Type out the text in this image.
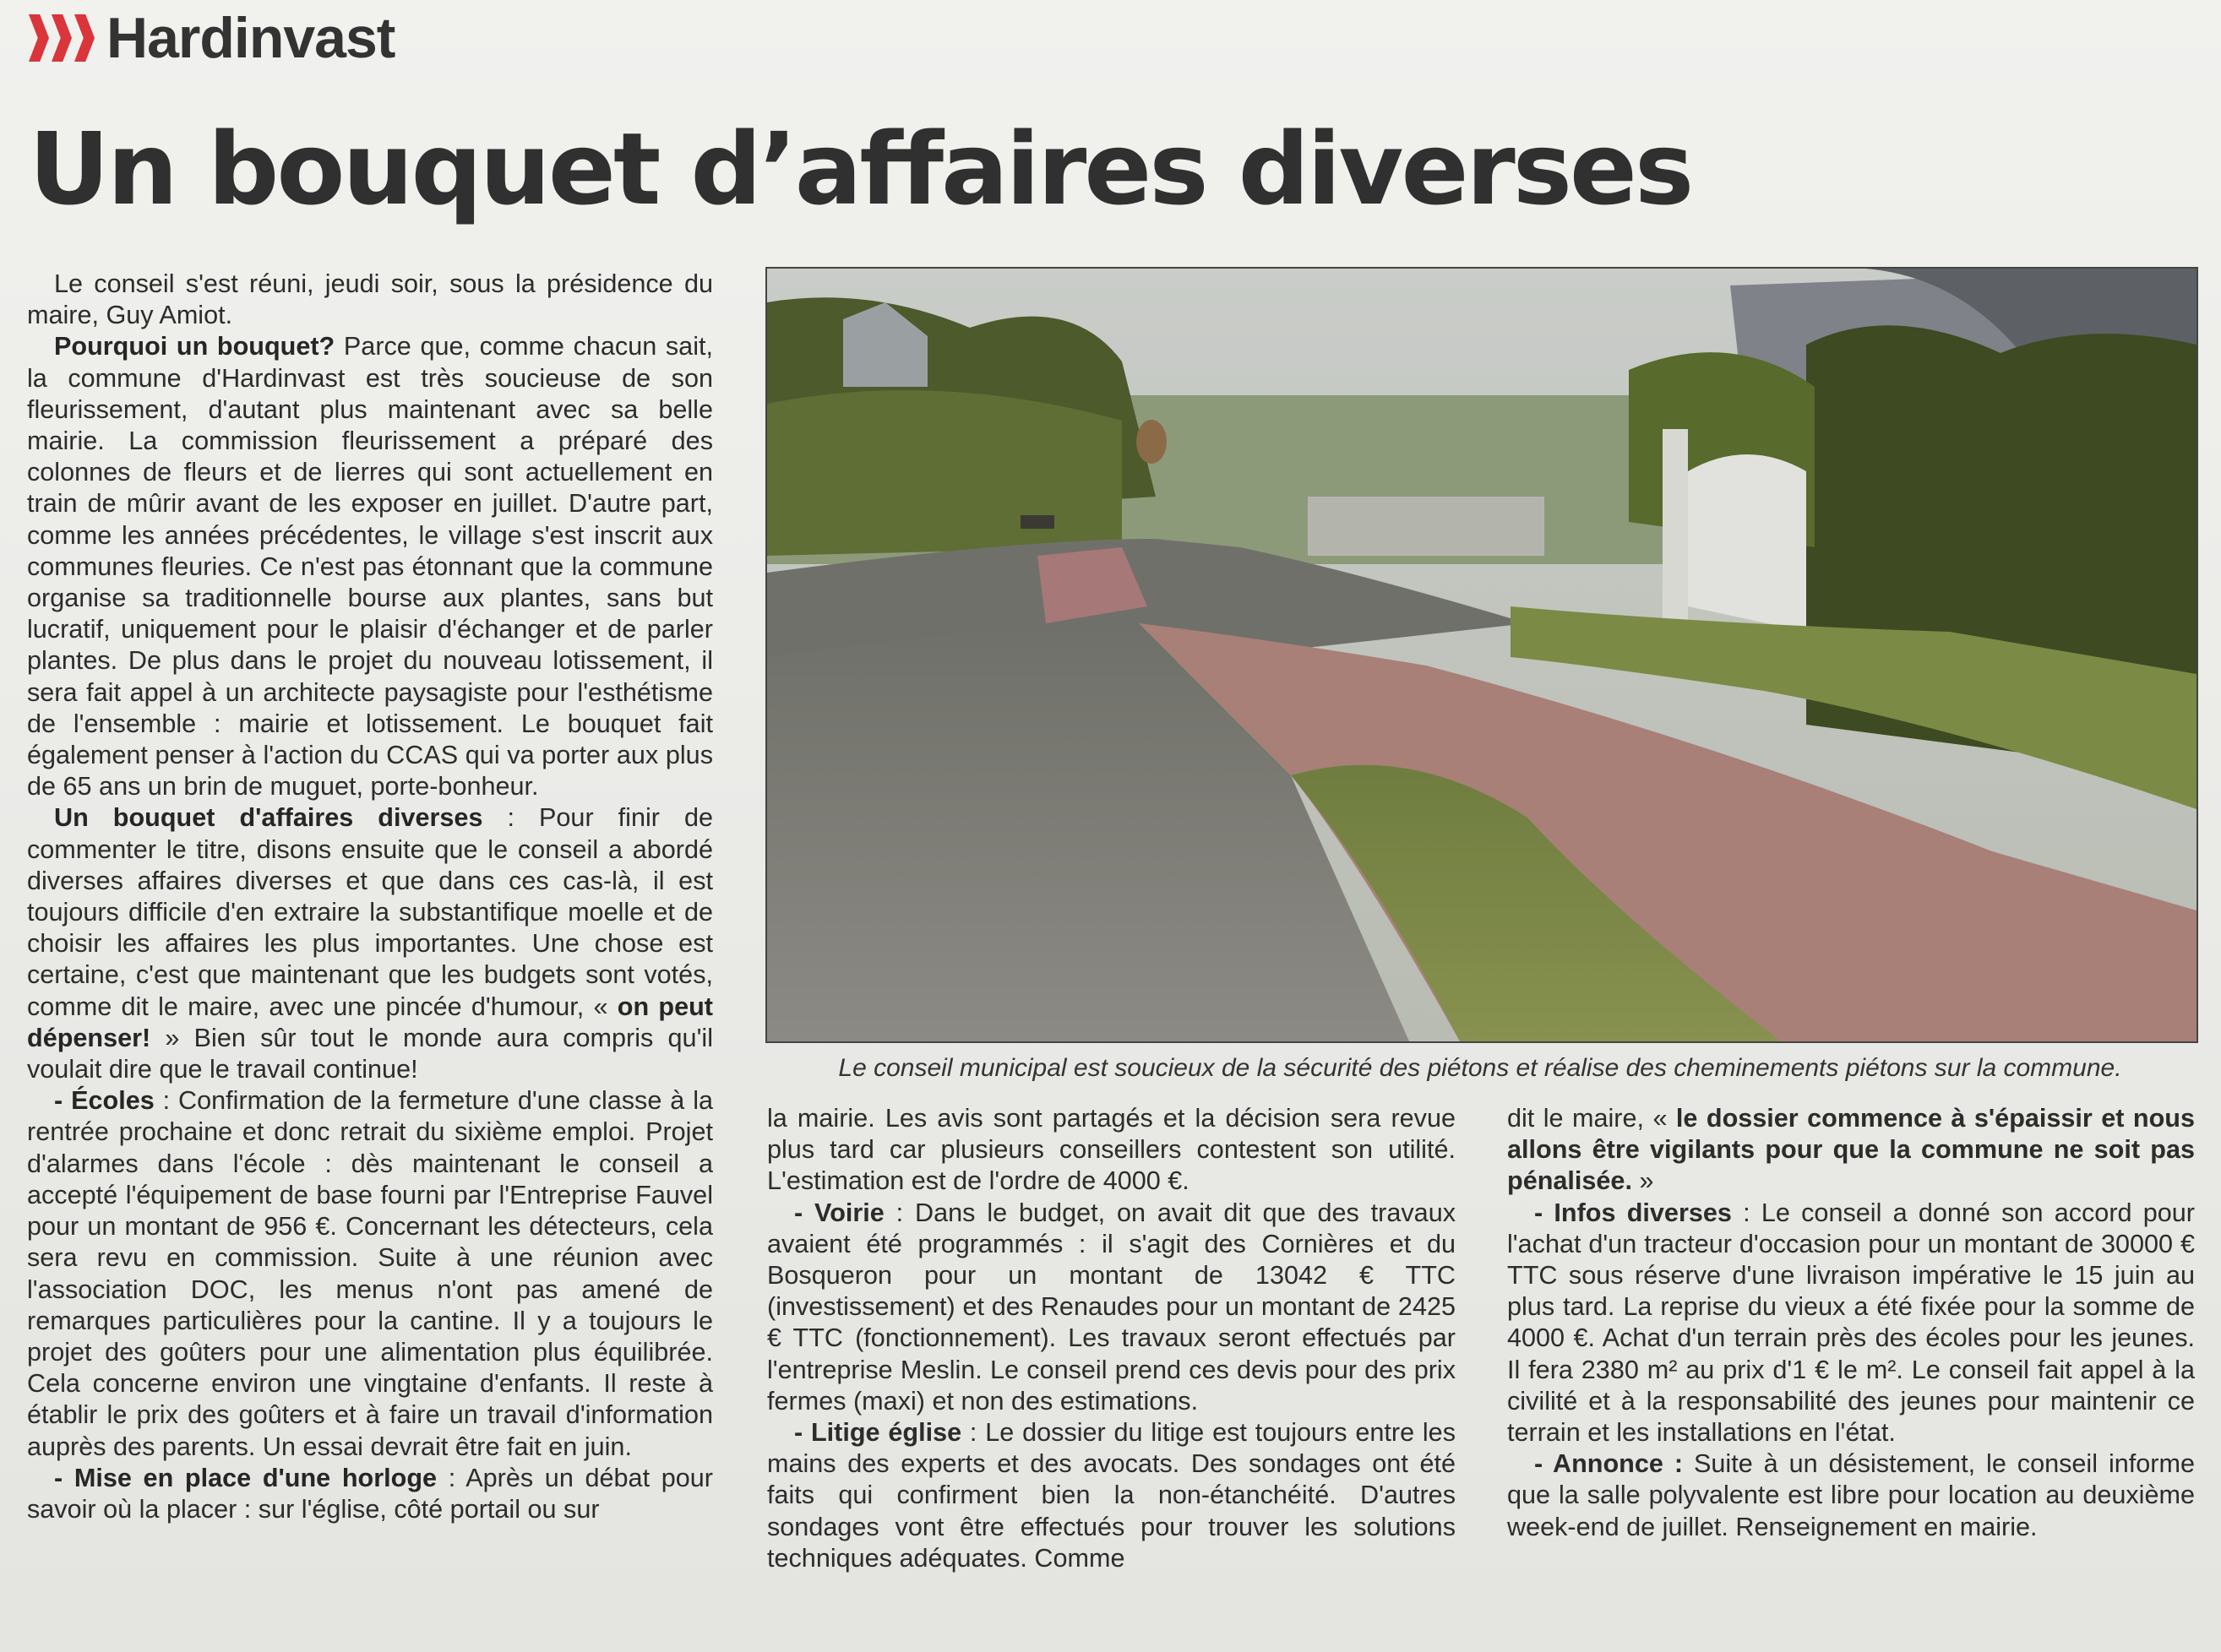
Hardinvast
Un bouquet d’affaires diverses

Le conseil s'est réuni, jeudi soir, sous la présidence du maire, Guy Amiot.

Pourquoi un bouquet? Parce que, comme chacun sait, la commune d'Hardinvast est très soucieuse de son fleurissement, d'autant plus maintenant avec sa belle mairie. La commission fleurissement a préparé des colonnes de fleurs et de lierres qui sont actuellement en train de mûrir avant de les exposer en juillet. D'autre part, comme les années précédentes, le village s'est inscrit aux communes fleuries. Ce n'est pas étonnant que la commune organise sa traditionnelle bourse aux plantes, sans but lucratif, uniquement pour le plaisir d'échanger et de parler plantes. De plus dans le projet du nouveau lotissement, il sera fait appel à un architecte paysagiste pour l'esthétisme de l'ensemble : mairie et lotissement. Le bouquet fait également penser à l'action du CCAS qui va porter aux plus de 65 ans un brin de muguet, porte-bonheur.

Un bouquet d'affaires diverses : Pour finir de commenter le titre, disons ensuite que le conseil a abordé diverses affaires diverses et que dans ces cas-là, il est toujours difficile d'en extraire la substantifique moelle et de choisir les affaires les plus importantes. Une chose est certaine, c'est que maintenant que les budgets sont votés, comme dit le maire, avec une pincée d'humour, « on peut dépenser! » Bien sûr tout le monde aura compris qu'il voulait dire que le travail continue!

- Écoles : Confirmation de la fermeture d'une classe à la rentrée prochaine et donc retrait du sixième emploi. Projet d'alarmes dans l'école : dès maintenant le conseil a accepté l'équipement de base fourni par l'Entreprise Fauvel pour un montant de 956 €. Concernant les détecteurs, cela sera revu en commission. Suite à une réunion avec l'association DOC, les menus n'ont pas amené de remarques particulières pour la cantine. Il y a toujours le projet des goûters pour une alimentation plus équilibrée. Cela concerne environ une vingtaine d'enfants. Il reste à établir le prix des goûters et à faire un travail d'information auprès des parents. Un essai devrait être fait en juin.

- Mise en place d'une horloge : Après un débat pour savoir où la placer : sur l'église, côté portail ou sur

Le conseil municipal est soucieux de la sécurité des piétons et réalise des cheminements piétons sur la commune.

la mairie. Les avis sont partagés et la décision sera revue plus tard car plusieurs conseillers contestent son utilité. L'estimation est de l'ordre de 4000 €.

- Voirie : Dans le budget, on avait dit que des travaux avaient été programmés : il s'agit des Cornières et du Bosqueron pour un montant de 13042 € TTC (investissement) et des Renaudes pour un montant de 2425 € TTC (fonctionnement). Les travaux seront effectués par l'entreprise Meslin. Le conseil prend ces devis pour des prix fermes (maxi) et non des estimations.

- Litige église : Le dossier du litige est toujours entre les mains des experts et des avocats. Des sondages ont été faits qui confirment bien la non-étanchéité. D'autres sondages vont être effectués pour trouver les solutions techniques adéquates. Comme

dit le maire, « le dossier commence à s'épaissir et nous allons être vigilants pour que la commune ne soit pas pénalisée. »

- Infos diverses : Le conseil a donné son accord pour l'achat d'un tracteur d'occasion pour un montant de 30000 € TTC sous réserve d'une livraison impérative le 15 juin au plus tard. La reprise du vieux a été fixée pour la somme de 4000 €. Achat d'un terrain près des écoles pour les jeunes. Il fera 2380 m² au prix d'1 € le m². Le conseil fait appel à la civilité et à la responsabilité des jeunes pour maintenir ce terrain et les installations en l'état.

- Annonce : Suite à un désistement, le conseil informe que la salle polyvalente est libre pour location au deuxième week-end de juillet. Renseignement en mairie.
